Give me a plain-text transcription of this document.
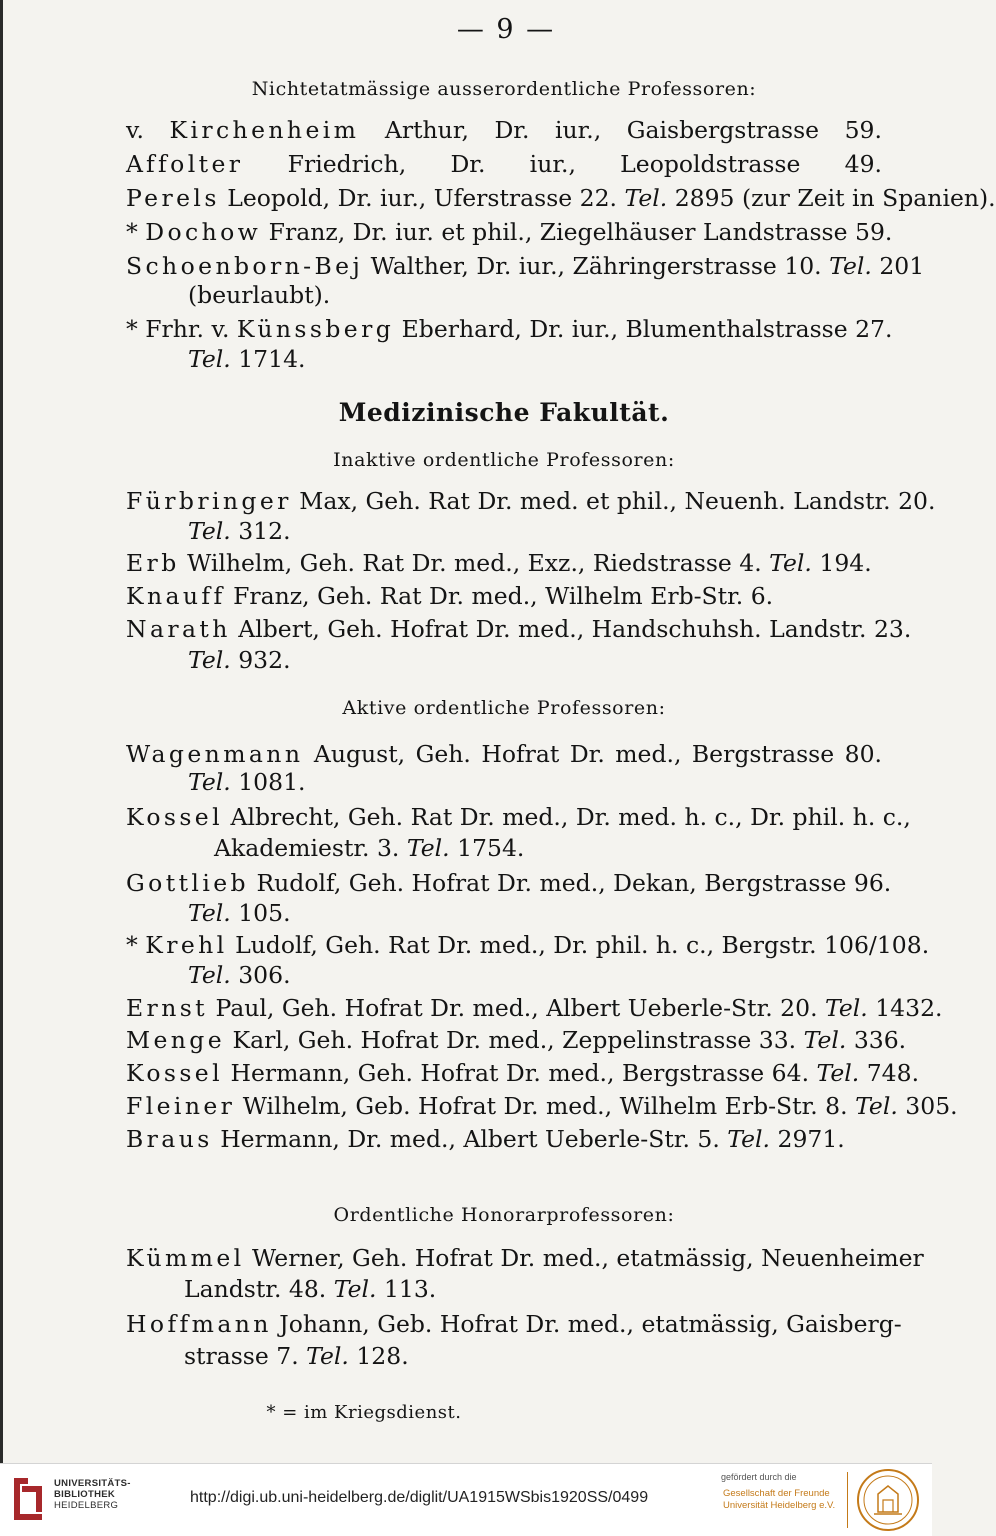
— 9 —
Nichtetatmässige ausserordentliche Professoren:
v. Kirchenheim Arthur, Dr. iur., Gaisbergstrasse 59.
Affolter Friedrich, Dr. iur., Leopoldstrasse 49.
Perels Leopold, Dr. iur., Uferstrasse 22. Tel. 2895 (zur Zeit in Spanien).
* Dochow Franz, Dr. iur. et phil., Ziegelhäuser Landstrasse 59.
Schoenborn-Bej Walther, Dr. iur., Zähringerstrasse 10. Tel. 201
(beurlaubt).
* Frhr. v. Künssberg Eberhard, Dr. iur., Blumenthalstrasse 27.
Tel. 1714.
Medizinische Fakultät.
Inaktive ordentliche Professoren:
Fürbringer Max, Geh. Rat Dr. med. et phil., Neuenh. Landstr. 20.
Tel. 312.
Erb Wilhelm, Geh. Rat Dr. med., Exz., Riedstrasse 4. Tel. 194.
Knauff Franz, Geh. Rat Dr. med., Wilhelm Erb-Str. 6.
Narath Albert, Geh. Hofrat Dr. med., Handschuhsh. Landstr. 23.
Tel. 932.
Aktive ordentliche Professoren:
Wagenmann August, Geh. Hofrat Dr. med., Bergstrasse 80.
Tel. 1081.
Kossel Albrecht, Geh. Rat Dr. med., Dr. med. h. c., Dr. phil. h. c.,
Akademiestr. 3. Tel. 1754.
Gottlieb Rudolf, Geh. Hofrat Dr. med., Dekan, Bergstrasse 96.
Tel. 105.
* Krehl Ludolf, Geh. Rat Dr. med., Dr. phil. h. c., Bergstr. 106/108.
Tel. 306.
Ernst Paul, Geh. Hofrat Dr. med., Albert Ueberle-Str. 20. Tel. 1432.
Menge Karl, Geh. Hofrat Dr. med., Zeppelinstrasse 33. Tel. 336.
Kossel Hermann, Geh. Hofrat Dr. med., Bergstrasse 64. Tel. 748.
Fleiner Wilhelm, Geb. Hofrat Dr. med., Wilhelm Erb-Str. 8. Tel. 305.
Braus Hermann, Dr. med., Albert Ueberle-Str. 5. Tel. 2971.
Ordentliche Honorarprofessoren:
Kümmel Werner, Geh. Hofrat Dr. med., etatmässig, Neuenheimer
Landstr. 48. Tel. 113.
Hoffmann Johann, Geb. Hofrat Dr. med., etatmässig, Gaisberg-
strasse 7. Tel. 128.
* = im Kriegsdienst.
UNIVERSITÄTS-
BIBLIOTHEK
HEIDELBERG	http://digi.ub.uni-heidelberg.de/diglit/UA1915WSbis1920SS/0499
gefördert durch die
Gesellschaft der Freunde
Universität Heidelberg e.V.
